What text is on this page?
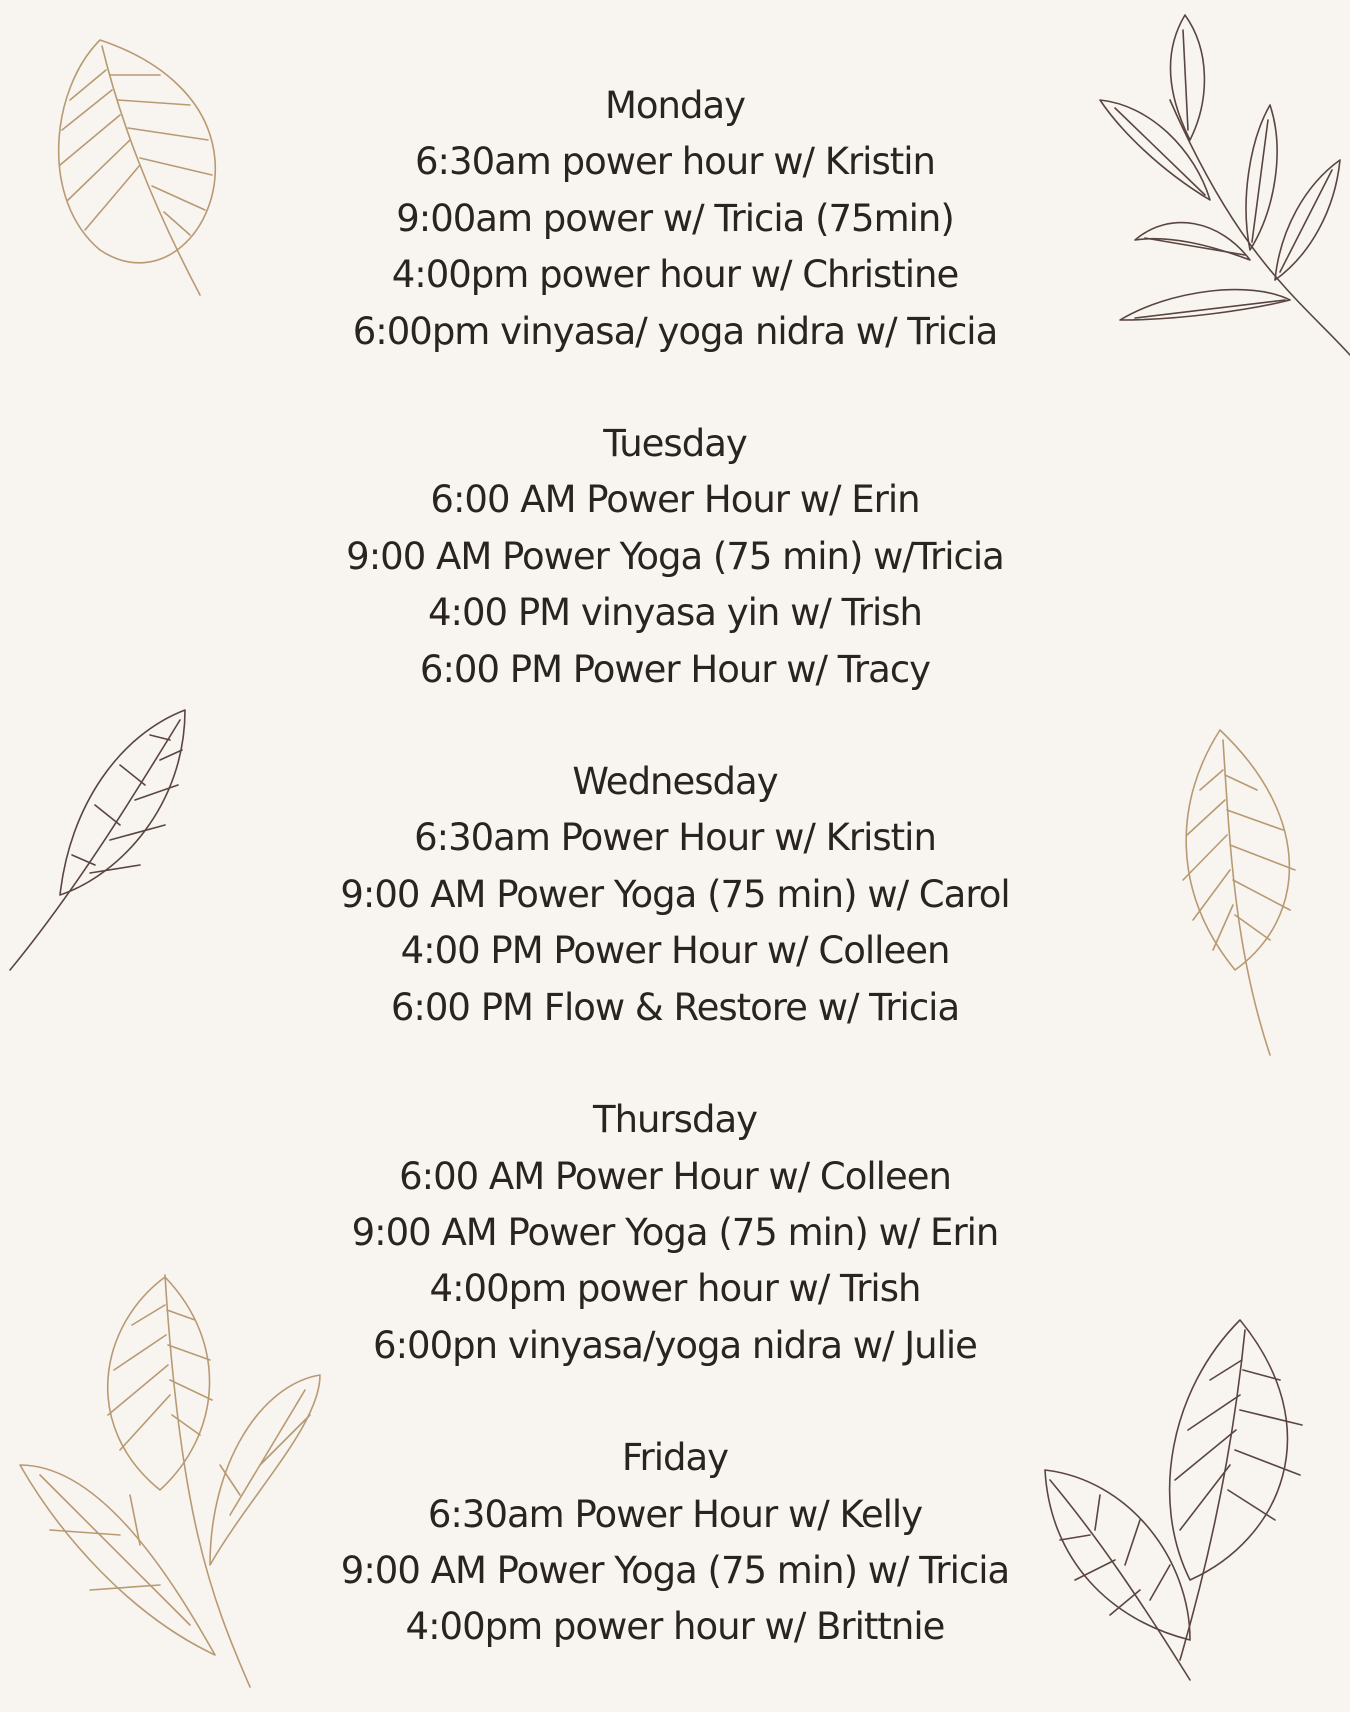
Monday

6:30am power hour w/ Kristin

9:00am power w/ Tricia (75min)

4:00pm power hour w/ Christine

6:00pm vinyasa/ yoga nidra w/ Tricia

Tuesday

6:00 AM Power Hour w/ Erin

9:00 AM Power Yoga (75 min) w/Tricia

4:00 PM vinyasa yin w/ Trish

6:00 PM Power Hour w/ Tracy

Wednesday

6:30am Power Hour w/ Kristin

9:00 AM Power Yoga (75 min) w/ Carol

4:00 PM Power Hour w/ Colleen

6:00 PM Flow & Restore w/ Tricia

Thursday

6:00 AM Power Hour w/ Colleen

9:00 AM Power Yoga (75 min) w/ Erin

4:00pm power hour w/ Trish

6:00pn vinyasa/yoga nidra w/ Julie

Friday

6:30am Power Hour w/ Kelly

9:00 AM Power Yoga (75 min) w/ Tricia

4:00pm power hour w/ Brittnie
